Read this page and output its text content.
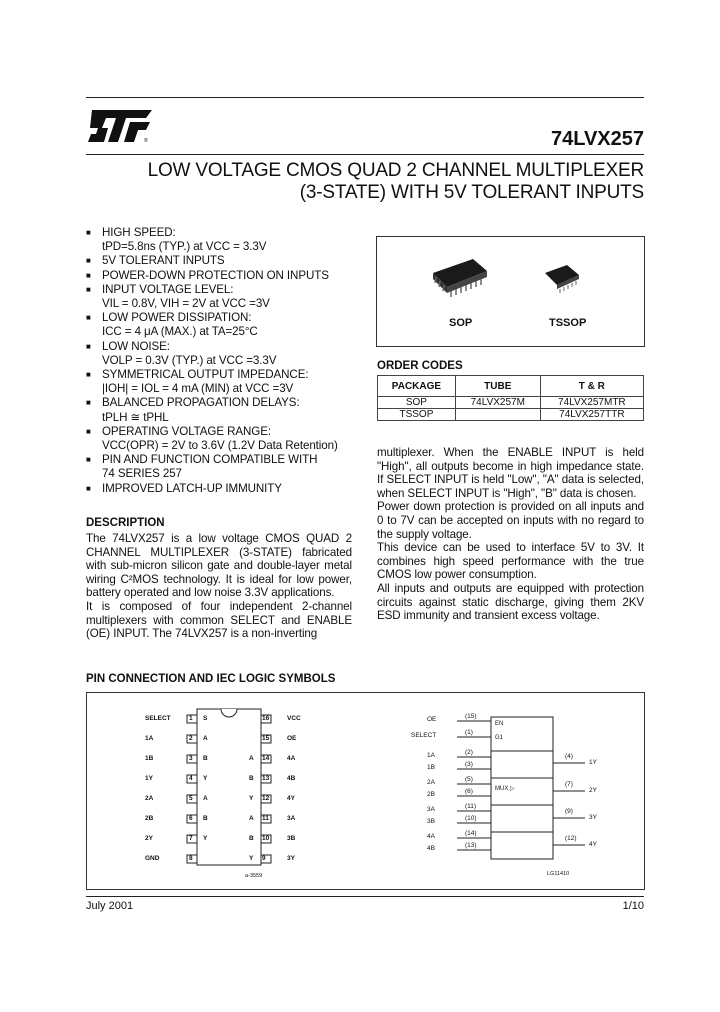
®	74LVX257
LOW VOLTAGE CMOS QUAD 2 CHANNEL MULTIPLEXER
(3-STATE) WITH 5V TOLERANT INPUTS
■ HIGH SPEED:
tPD=5.8ns (TYP.) at VCC = 3.3V
■ 5V TOLERANT INPUTS
■ POWER-DOWN PROTECTION ON INPUTS
■ INPUT VOLTAGE LEVEL:
VIL = 0.8V, VIH = 2V at VCC =3V
■ LOW POWER DISSIPATION:
ICC = 4 μA (MAX.) at TA=25°C
■ LOW NOISE:
VOLP = 0.3V (TYP.) at VCC =3.3V
■ SYMMETRICAL OUTPUT IMPEDANCE:
|IOH| = IOL = 4 mA (MIN) at VCC =3V
■ BALANCED PROPAGATION DELAYS:
tPLH ≅ tPHL
■ OPERATING VOLTAGE RANGE:
VCC(OPR) = 2V to 3.6V (1.2V Data Retention)
■ PIN AND FUNCTION COMPATIBLE WITH
74 SERIES 257
■ IMPROVED LATCH-UP IMMUNITY
SOP	TSSOP
ORDER CODES
PACKAGE	TUBE	T & R
SOP	74LVX257M	74LVX257MTR
TSSOP		74LVX257TTR
DESCRIPTION

The 74LVX257 is a low voltage CMOS QUAD 2 CHANNEL MULTIPLEXER (3-STATE) fabricated with sub-micron silicon gate and double-layer metal wiring C²MOS technology. It is ideal for low power, battery operated and low noise 3.3V applications.

It is composed of four independent 2-channel multiplexers with common SELECT and ENABLE (OE) INPUT. The 74LVX257 is a non-inverting

multiplexer. When the ENABLE INPUT is held "High", all outputs become in high impedance state. If SELECT INPUT is held "Low", "A" data is selected, when SELECT INPUT is "High", "B" data is chosen.

Power down protection is provided on all inputs and 0 to 7V can be accepted on inputs with no regard to the supply voltage.

This device can be used to interface 5V to 3V. It combines high speed performance with the true CMOS low power consumption.

All inputs and outputs are equipped with protection circuits against static discharge, giving them 2KV ESD immunity and transient excess voltage.

PIN CONNECTION AND IEC LOGIC SYMBOLS
SELECT	1 S	16	VCC
1A	2 A	15	OE
1B	3 B	A 14	4A
1Y	4 Y	B 13	4B
2A	5 A	Y 12	4Y
2B	6 B	A 11	3A
2Y	7 Y	B 10	3B
GND	8	Y 9	3Y
a-3559
OE	(15)
SELECT	(1)
1A	(2)
1B	(3)
2A	(5)
2B	(6)
3A	(11)
3B	(10)
4A	(14)
4B	(13)
(4)
1Y
(7)
2Y
(9)
3Y
(12)
4Y
MUX ▷
EN
G1
LG11410
July 2001	1/10
